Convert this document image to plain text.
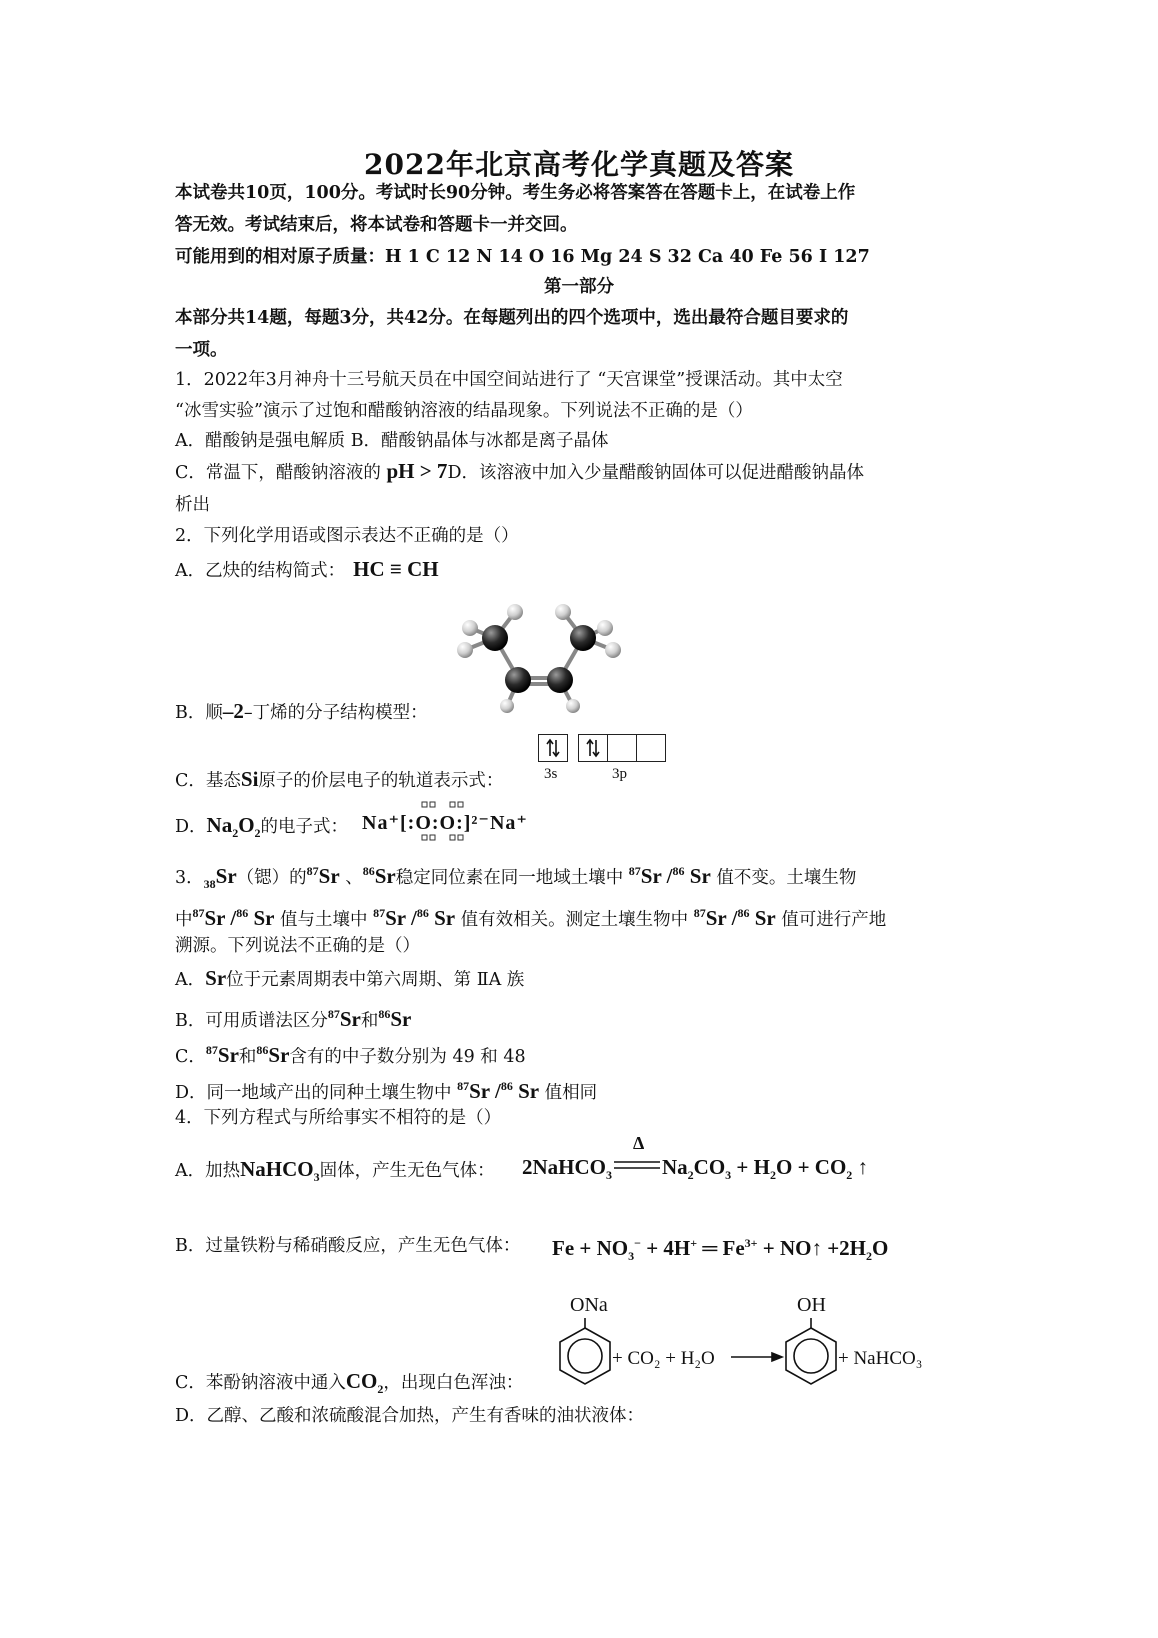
2022年北京高考化学真题及答案
本试卷共10页，100分。考试时长90分钟。考生务必将答案答在答题卡上，在试卷上作
答无效。考试结束后，将本试卷和答题卡一并交回。
可能用到的相对原子质量：H 1 C 12 N 14 O 16 Mg 24 S 32 Ca 40 Fe 56 I 127
第一部分
本部分共14题，每题3分，共42分。在每题列出的四个选项中，选出最符合题目要求的
一项。
1．2022年3月神舟十三号航天员在中国空间站进行了 “天宫课堂”授课活动。其中太空
“冰雪实验”演示了过饱和醋酸钠溶液的结晶现象。下列说法不正确的是（）
A．醋酸钠是强电解质 B．醋酸钠晶体与冰都是离子晶体
C．常温下，醋酸钠溶液的 pH > 7D．该溶液中加入少量醋酸钠固体可以促进醋酸钠晶体
析出
2．下列化学用语或图示表达不正确的是（）
A．乙炔的结构简式： HC ≡ CH
B．顺–2–丁烯的分子结构模型：
3s	3p
C．基态Si原子的价层电子的轨道表示式：
D．$Na_2O_2$的电子式： Na⁺[:O:O:]²⁻Na⁺
3．$_{38}$Sr（锶）的$^{87}$Sr 、$^{86}$Sr稳定同位素在同一地域土壤中 $^{87}$Sr /$^{86}$ Sr 值不变。土壤生物
中$^{87}$Sr /$^{86}$ Sr 值与土壤中 $^{87}$Sr /$^{86}$ Sr 值有效相关。测定土壤生物中 $^{87}$Sr /$^{86}$ Sr 值可进行产地
溯源。下列说法不正确的是（）
A．Sr位于元素周期表中第六周期、第 ⅡA 族
B．可用质谱法区分$^{87}$Sr和$^{86}$Sr
C．$^{87}$Sr和$^{86}$Sr含有的中子数分别为 49 和 48
D．同一地域产出的同种土壤生物中 $^{87}$Sr /$^{86}$ Sr 值相同
4．下列方程式与所给事实不相符的是（）
A．加热NaHCO$_3$固体，产生无色气体： 2NaHCO$_3$
Δ
$Na_2CO_3 + H_2O + CO_2$ ↑
B．过量铁粉与稀硝酸反应，产生无色气体： $Fe + NO_3^- + 4H^+$ ═ $Fe^{3+}$ + NO↑ $+2H_2O$
ONa	OH
+ CO₂ + H₂O	+ NaHCO₃
C．苯酚钠溶液中通入$CO_2$，出现白色浑浊：
D．乙醇、乙酸和浓硫酸混合加热，产生有香味的油状液体：
